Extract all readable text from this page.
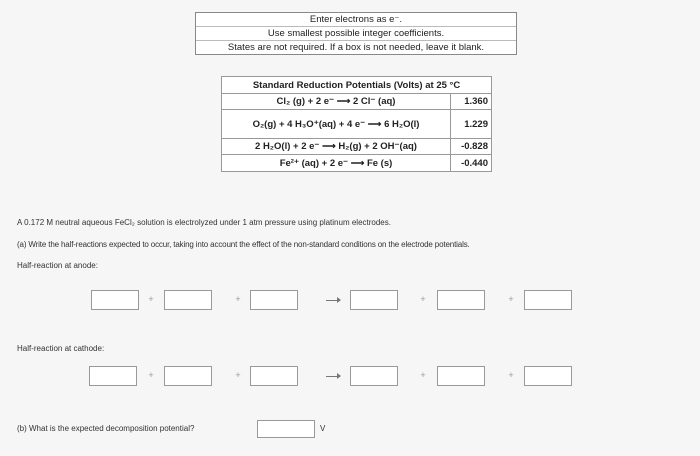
Enter electrons as e⁻.
Use smallest possible integer coefficients.
States are not required. If a box is not needed, leave it blank.
Standard Reduction Potentials (Volts) at 25 °C	
Cl₂ (g) + 2 e⁻ ⟶ 2 Cl⁻ (aq)	1.360
O₂(g) + 4 H₃O⁺(aq) + 4 e⁻ ⟶ 6 H₂O(l)	1.229
2 H₂O(l) + 2 e⁻ ⟶ H₂(g) + 2 OH⁻(aq)	-0.828
Fe²⁺ (aq) + 2 e⁻ ⟶ Fe (s)	-0.440
A 0.172 M neutral aqueous FeCl₂ solution is electrolyzed under 1 atm pressure using platinum electrodes.
(a) Write the half-reactions expected to occur, taking into account the effect of the non-standard conditions on the electrode potentials.
Half-reaction at anode:
+	+	+	+
Half-reaction at cathode:
+	+	+	+
(b) What is the expected decomposition potential?	V
